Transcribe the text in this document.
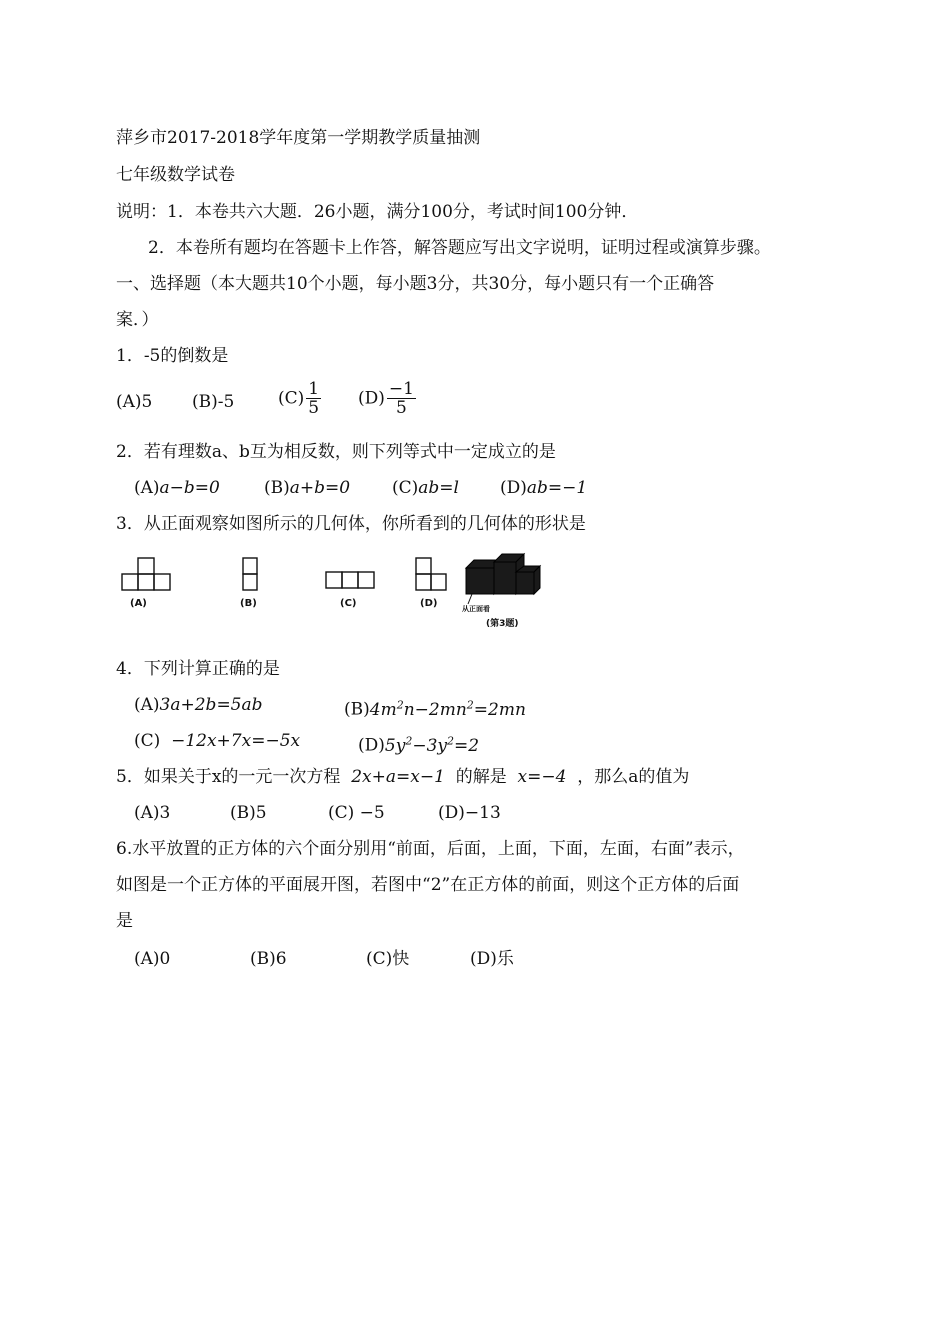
萍乡市2017-2018学年度第一学期教学质量抽测
七年级数学试卷
说明：1．本卷共六大题．26小题，满分100分，考试时间100分钟．
2．本卷所有题均在答题卡上作答，解答题应写出文字说明，证明过程或演算步骤。
一、选择题（本大题共10个小题，每小题3分，共30分，每小题只有一个正确答
案．）
1．-5的倒数是
(A)5 (B)-5	$(C) \frac{1}{5} (D) \frac{-1}{5}$
2．若有理数a、b互为相反数，则下列等式中一定成立的是
(A)a−b=0	(B)a+b=0 (C)ab=l (D)ab=−1
3．从正面观察如图所示的几何体，你所看到的几何体的形状是
(A)	(B)	(C)	(D)	从正面看
(第3题)
4．下列计算正确的是
(A)3a+2b=5ab	$(B)4m^2n-2mn^2=2mn$
(C) −12x+7x=−5x	$(D)5y^2-3y^2=2$
5．如果关于x的一元一次方程 2x+a=x−1 的解是 x=−4 ，那么a的值为
(A)3	(B)5	(C) −5	(D)−13
6.水平放置的正方体的六个面分别用“前面，后面，上面，下面，左面，右面”表示，
如图是一个正方体的平面展开图，若图中“2”在正方体的前面，则这个正方体的后面
是
(A)0	(B)6	(C)快	(D)乐
